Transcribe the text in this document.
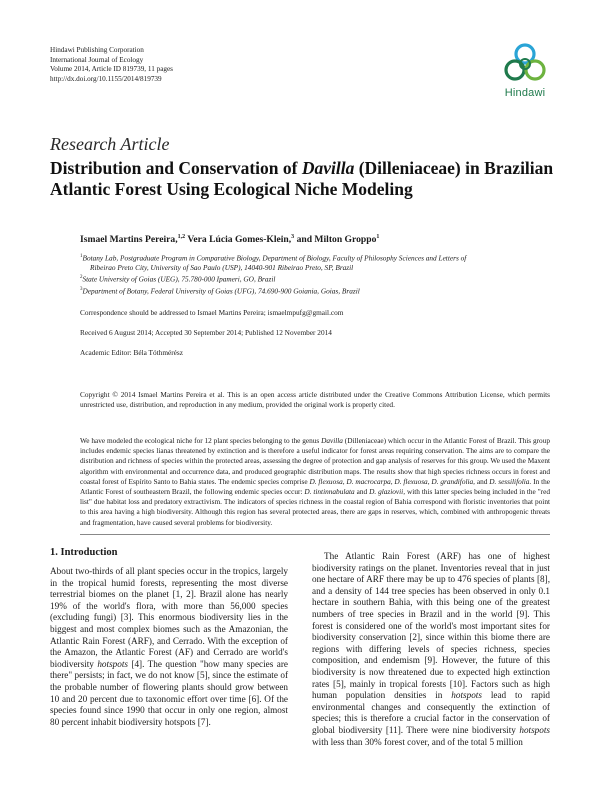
Hindawi Publishing Corporation
International Journal of Ecology
Volume 2014, Article ID 819739, 11 pages
http://dx.doi.org/10.1155/2014/819739
Hindawi
Research Article
Distribution and Conservation of Davilla (Dilleniaceae) in Brazilian Atlantic Forest Using Ecological Niche Modeling
Ismael Martins Pereira,$^{1,2}$ Vera Lúcia Gomes-Klein,$^3$ and Milton Groppo$^1$

$^1$Botany Lab, Postgraduate Program in Comparative Biology, Department of Biology, Faculty of Philosophy Sciences and Letters of

Ribeirao Preto City, University of Sao Paulo (USP), 14040-901 Ribeirao Preto, SP, Brazil

$^2$State University of Goias (UEG), 75.780-000 Ipameri, GO, Brazil

$^3$Department of Botany, Federal University of Goias (UFG), 74.690-900 Goiania, Goias, Brazil

Correspondence should be addressed to Ismael Martins Pereira; ismaelmpufg@gmail.com
Received 6 August 2014; Accepted 30 September 2014; Published 12 November 2014
Academic Editor: Béla Tóthmérész
Copyright © 2014 Ismael Martins Pereira et al. This is an open access article distributed under the Creative Commons Attribution License, which permits unrestricted use, distribution, and reproduction in any medium, provided the original work is properly cited.
We have modeled the ecological niche for 12 plant species belonging to the genus Davilla (Dilleniaceae) which occur in the Atlantic Forest of Brazil. This group includes endemic species lianas threatened by extinction and is therefore a useful indicator for forest areas requiring conservation. The aims are to compare the distribution and richness of species within the protected areas, assessing the degree of protection and gap analysis of reserves for this group. We used the Maxent algorithm with environmental and occurrence data, and produced geographic distribution maps. The results show that high species richness occurs in forest and coastal forest of Espírito Santo to Bahia states. The endemic species comprise D. flexuosa, D. macrocarpa, D. flexuosa, D. grandifolia, and D. sessilifolia. In the Atlantic Forest of southeastern Brazil, the following endemic species occur: D. tintinnabulata and D. glaziovii, with this latter species being included in the "red list" due habitat loss and predatory extractivism. The indicators of species richness in the coastal region of Bahia correspond with floristic inventories that point to this area having a high biodiversity. Although this region has several protected areas, there are gaps in reserves, which, combined with anthropogenic threats and fragmentation, have caused several problems for biodiversity.
1. Introduction

About two-thirds of all plant species occur in the tropics, largely in the tropical humid forests, representing the most diverse terrestrial biomes on the planet [1, 2]. Brazil alone has nearly 19% of the world's flora, with more than 56,000 species (excluding fungi) [3]. This enormous biodiversity lies in the biggest and most complex biomes such as the Amazonian, the Atlantic Rain Forest (ARF), and Cerrado. With the exception of the Amazon, the Atlantic Forest (AF) and Cerrado are world's biodiversity hotspots [4]. The question "how many species are there" persists; in fact, we do not know [5], since the estimate of the probable number of flowering plants should grow between 10 and 20 percent due to taxonomic effort over time [6]. Of the species found since 1990 that occur in only one region, almost 80 percent inhabit biodiversity hotspots [7].

The Atlantic Rain Forest (ARF) has one of highest biodiversity ratings on the planet. Inventories reveal that in just one hectare of ARF there may be up to 476 species of plants [8], and a density of 144 tree species has been observed in only 0.1 hectare in southern Bahia, with this being one of the greatest numbers of tree species in Brazil and in the world [9]. This forest is considered one of the world's most important sites for biodiversity conservation [2], since within this biome there are regions with differing levels of species richness, species composition, and endemism [9]. However, the future of this biodiversity is now threatened due to expected high extinction rates [5], mainly in tropical forests [10]. Factors such as high human population densities in hotspots lead to rapid environmental changes and consequently the extinction of species; this is therefore a crucial factor in the conservation of global biodiversity [11]. There were nine biodiversity hotspots with less than 30% forest cover, and of the total 5 million
